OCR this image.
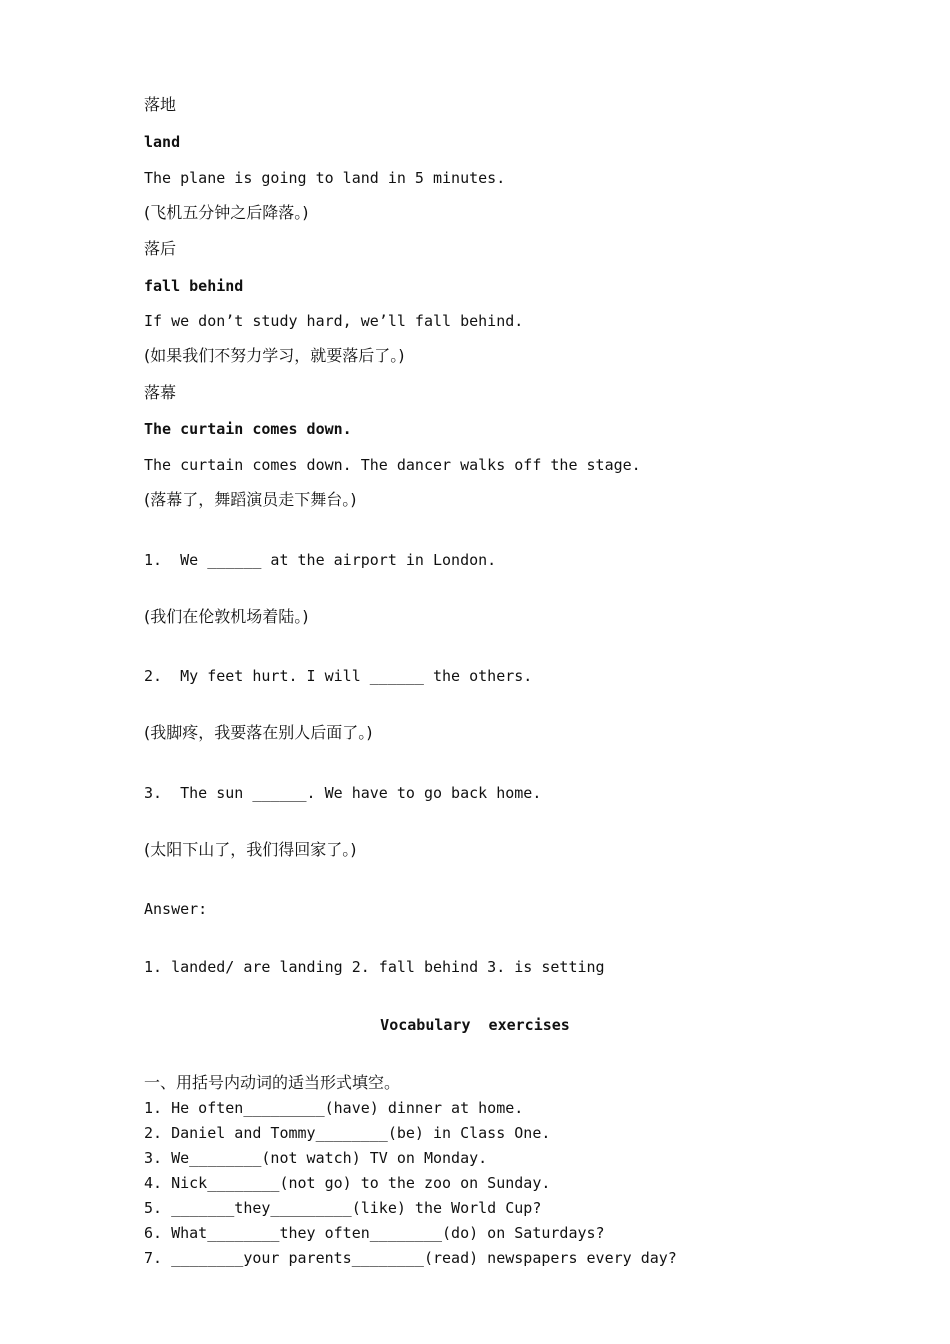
落地
land
The plane is going to land in 5 minutes.
(飞机五分钟之后降落。)
落后
fall behind
If we don’t study hard, we’ll fall behind.
(如果我们不努力学习，就要落后了。)
落幕
The curtain comes down.
The curtain comes down. The dancer walks off the stage.
(落幕了，舞蹈演员走下舞台。)
1.  We ______ at the airport in London.
(我们在伦敦机场着陆。)
2.  My feet hurt. I will ______ the others.
(我脚疼，我要落在别人后面了。)
3.  The sun ______. We have to go back home.
(太阳下山了，我们得回家了。)
Answer:
1. landed/ are landing 2. fall behind 3. is setting
Vocabulary  exercises
一、用括号内动词的适当形式填空。
1. He often_________(have) dinner at home.
2. Daniel and Tommy________(be) in Class One.
3. We________(not watch) TV on Monday.
4. Nick________(not go) to the zoo on Sunday.
5. _______they_________(like) the World Cup?
6. What________they often________(do) on Saturdays?
7. ________your parents________(read) newspapers every day?
